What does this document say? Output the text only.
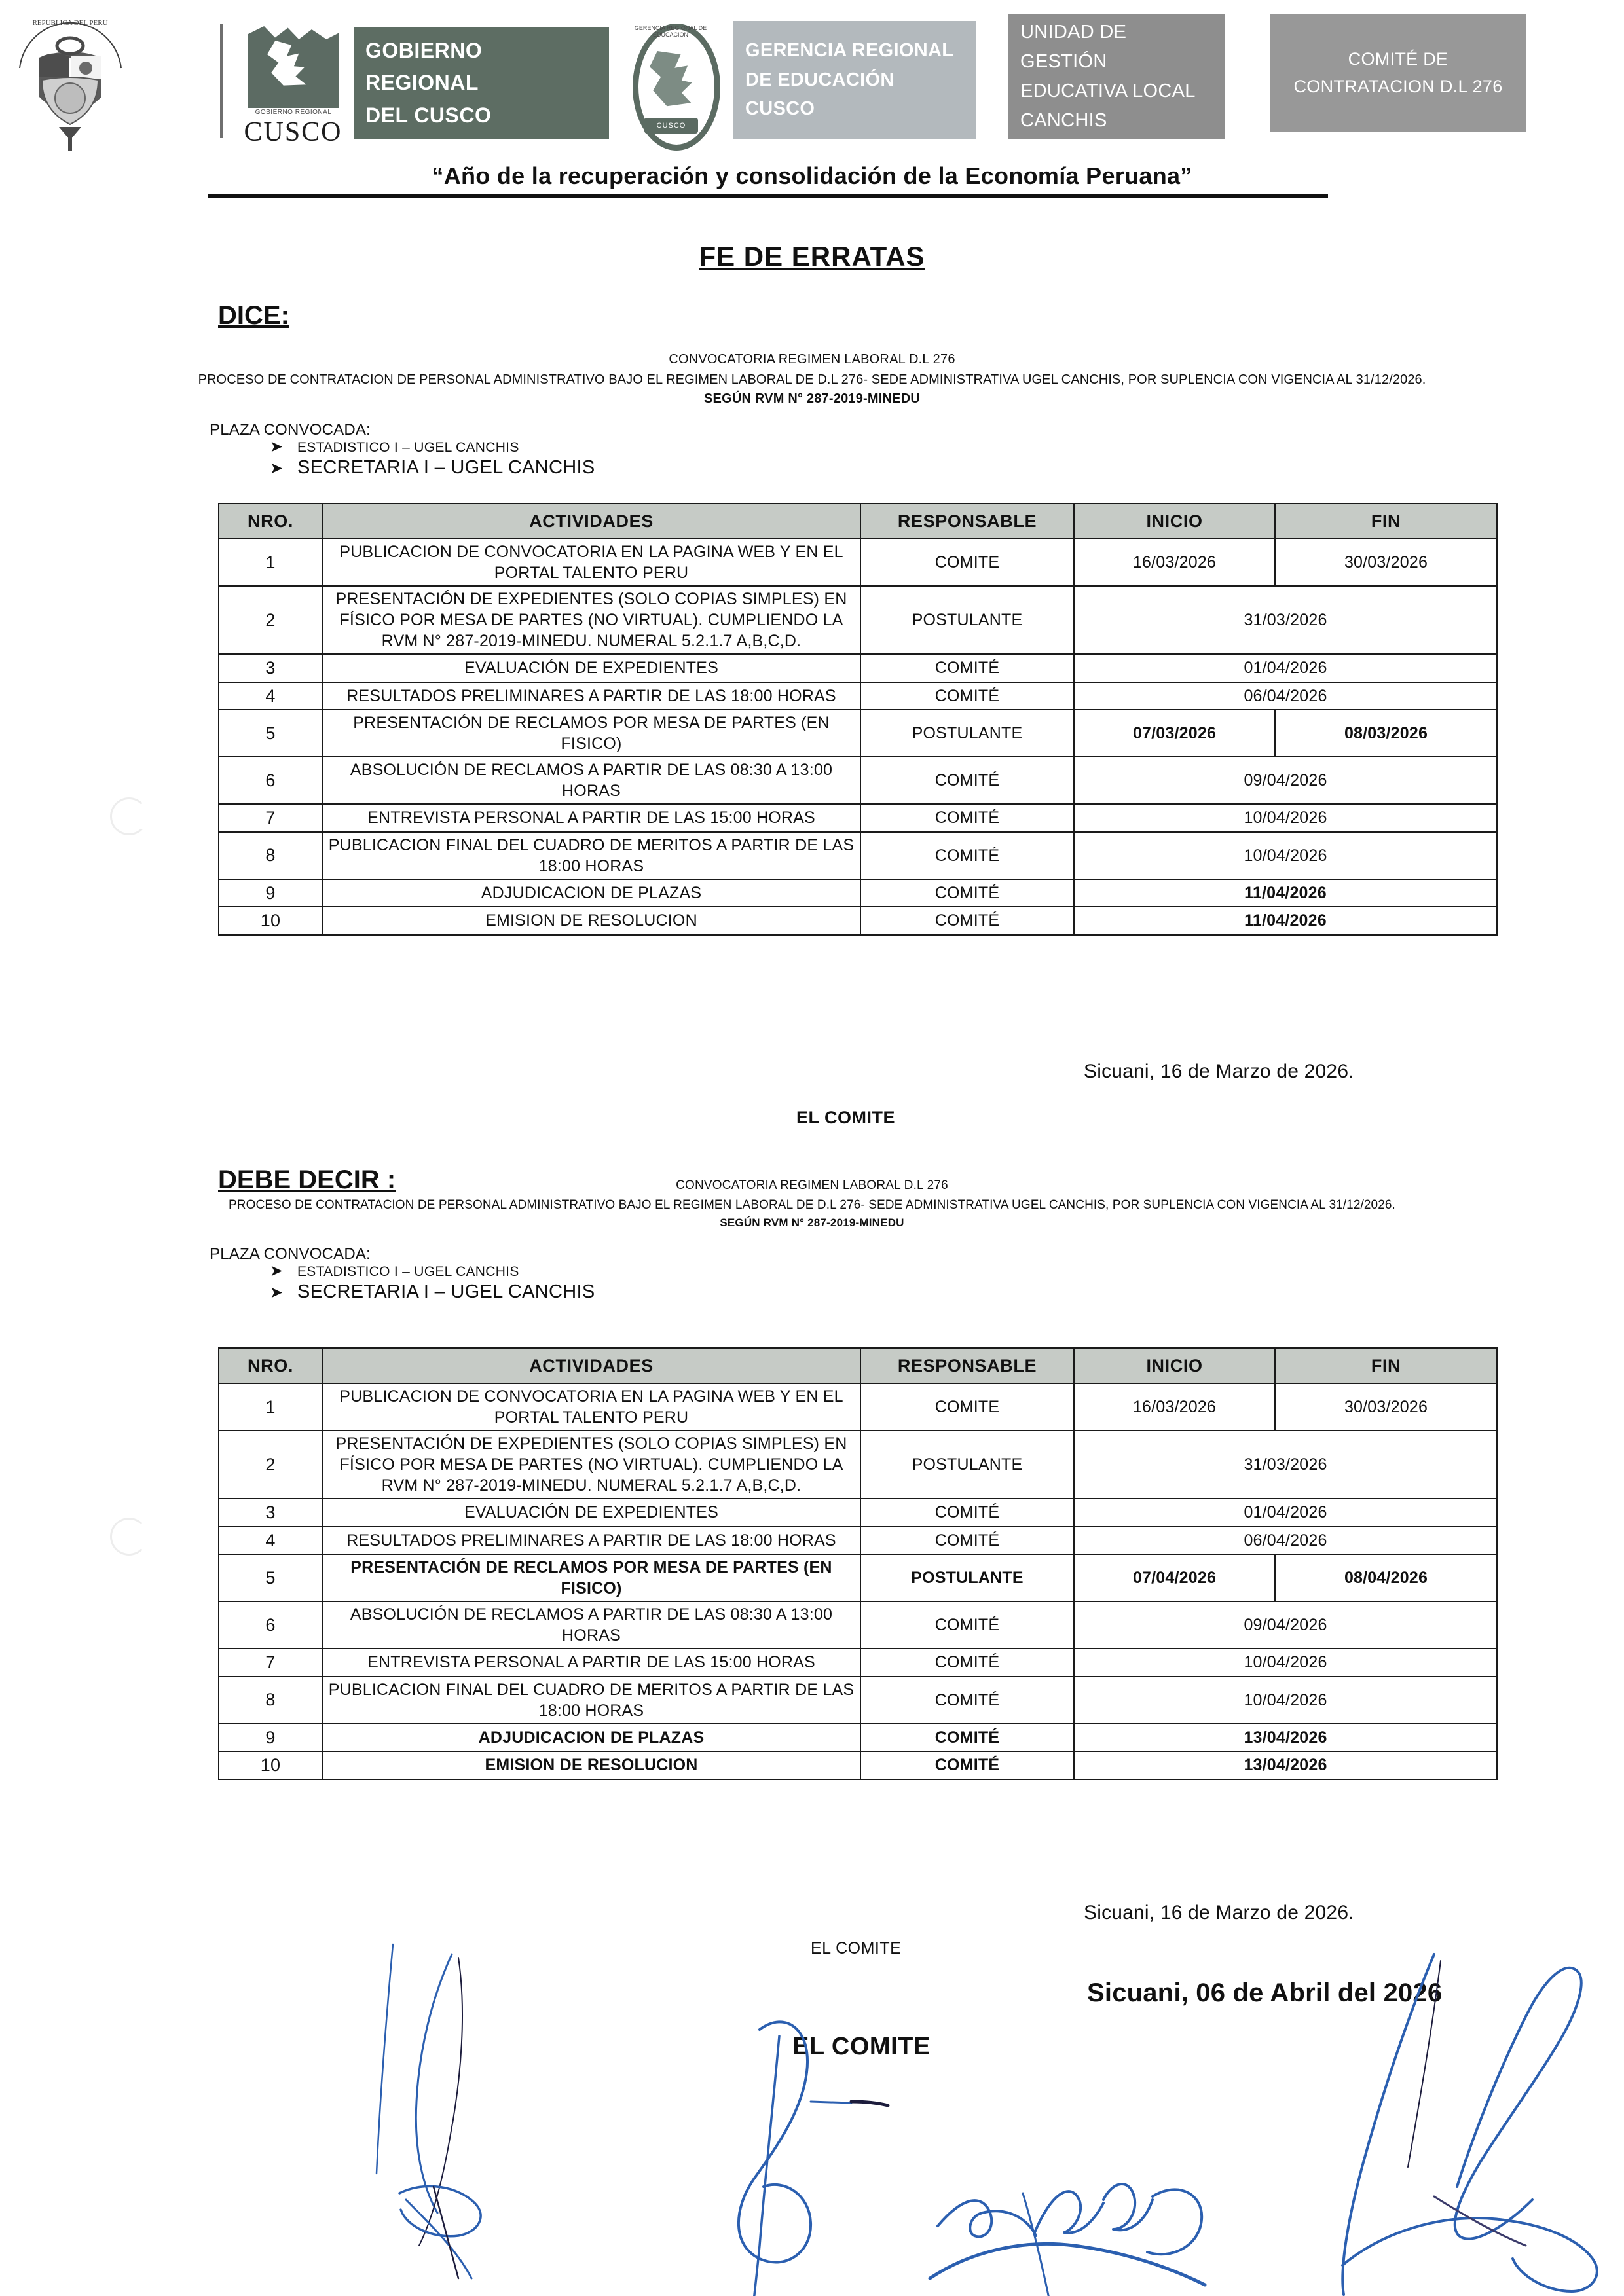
REPUBLICA DEL PERU
GOBIERNO REGIONAL
CUSCO
GOBIERNO REGIONAL
DEL CUSCO
GERENCIA REGIONAL DE EDUCACION
CUSCO
GERENCIA REGIONAL
DE EDUCACIÓN CUSCO
UNIDAD DE GESTIÓN
EDUCATIVA LOCAL
CANCHIS
COMITÉ DE
CONTRATACION D.L 276
“Año de la recuperación y consolidación de la Economía Peruana”
FE DE ERRATAS
DICE:
CONVOCATORIA REGIMEN LABORAL D.L 276
PROCESO DE CONTRATACION DE PERSONAL ADMINISTRATIVO BAJO EL REGIMEN LABORAL DE D.L 276- SEDE ADMINISTRATIVA UGEL CANCHIS, POR SUPLENCIA CON VIGENCIA AL 31/12/2026.
SEGÚN RVM N° 287-2019-MINEDU
PLAZA CONVOCADA:
➤	ESTADISTICO I – UGEL CANCHIS
➤ SECRETARIA I – UGEL CANCHIS
NRO.	ACTIVIDADES	RESPONSABLE	INICIO	FIN
1	PUBLICACION DE CONVOCATORIA EN LA PAGINA WEB Y EN EL PORTAL TALENTO PERU	COMITE	16/03/2026	30/03/2026
2	PRESENTACIÓN DE EXPEDIENTES (SOLO COPIAS SIMPLES) EN FÍSICO POR MESA DE PARTES (NO VIRTUAL). CUMPLIENDO LA RVM N° 287-2019-MINEDU. NUMERAL 5.2.1.7 A,B,C,D.	POSTULANTE	31/03/2026	
3	EVALUACIÓN DE EXPEDIENTES	COMITÉ	01/04/2026	
4	RESULTADOS PRELIMINARES A PARTIR DE LAS 18:00 HORAS	COMITÉ	06/04/2026	
5	PRESENTACIÓN DE RECLAMOS POR MESA DE PARTES (EN FISICO)	POSTULANTE	07/03/2026	08/03/2026
6	ABSOLUCIÓN DE RECLAMOS A PARTIR DE LAS 08:30 A 13:00 HORAS	COMITÉ	09/04/2026	
7	ENTREVISTA PERSONAL A PARTIR DE LAS 15:00 HORAS	COMITÉ	10/04/2026	
8	PUBLICACION FINAL DEL CUADRO DE MERITOS A PARTIR DE LAS 18:00 HORAS	COMITÉ	10/04/2026	
9	ADJUDICACION DE PLAZAS	COMITÉ	11/04/2026	
10	EMISION DE RESOLUCION	COMITÉ	11/04/2026	
Sicuani, 16 de Marzo de 2026.
EL COMITE
DEBE DECIR :	CONVOCATORIA REGIMEN LABORAL D.L 276
PROCESO DE CONTRATACION DE PERSONAL ADMINISTRATIVO BAJO EL REGIMEN LABORAL DE D.L 276- SEDE ADMINISTRATIVA UGEL CANCHIS, POR SUPLENCIA CON VIGENCIA AL 31/12/2026.
SEGÚN RVM N° 287-2019-MINEDU
PLAZA CONVOCADA:
➤	ESTADISTICO I – UGEL CANCHIS
➤ SECRETARIA I – UGEL CANCHIS
NRO.	ACTIVIDADES	RESPONSABLE	INICIO	FIN
1	PUBLICACION DE CONVOCATORIA EN LA PAGINA WEB Y EN EL PORTAL TALENTO PERU	COMITE	16/03/2026	30/03/2026
2	PRESENTACIÓN DE EXPEDIENTES (SOLO COPIAS SIMPLES) EN FÍSICO POR MESA DE PARTES (NO VIRTUAL). CUMPLIENDO LA RVM N° 287-2019-MINEDU. NUMERAL 5.2.1.7 A,B,C,D.	POSTULANTE	31/03/2026	
3	EVALUACIÓN DE EXPEDIENTES	COMITÉ	01/04/2026	
4	RESULTADOS PRELIMINARES A PARTIR DE LAS 18:00 HORAS	COMITÉ	06/04/2026	
5	PRESENTACIÓN DE RECLAMOS POR MESA DE PARTES (EN FISICO)	POSTULANTE	07/04/2026	08/04/2026
6	ABSOLUCIÓN DE RECLAMOS A PARTIR DE LAS 08:30 A 13:00 HORAS	COMITÉ	09/04/2026	
7	ENTREVISTA PERSONAL A PARTIR DE LAS 15:00 HORAS	COMITÉ	10/04/2026	
8	PUBLICACION FINAL DEL CUADRO DE MERITOS A PARTIR DE LAS 18:00 HORAS	COMITÉ	10/04/2026	
9	ADJUDICACION DE PLAZAS	COMITÉ	13/04/2026	
10	EMISION DE RESOLUCION	COMITÉ	13/04/2026	
Sicuani, 16 de Marzo de 2026.
EL COMITE
Sicuani, 06 de Abril del 2026
EL COMITE
